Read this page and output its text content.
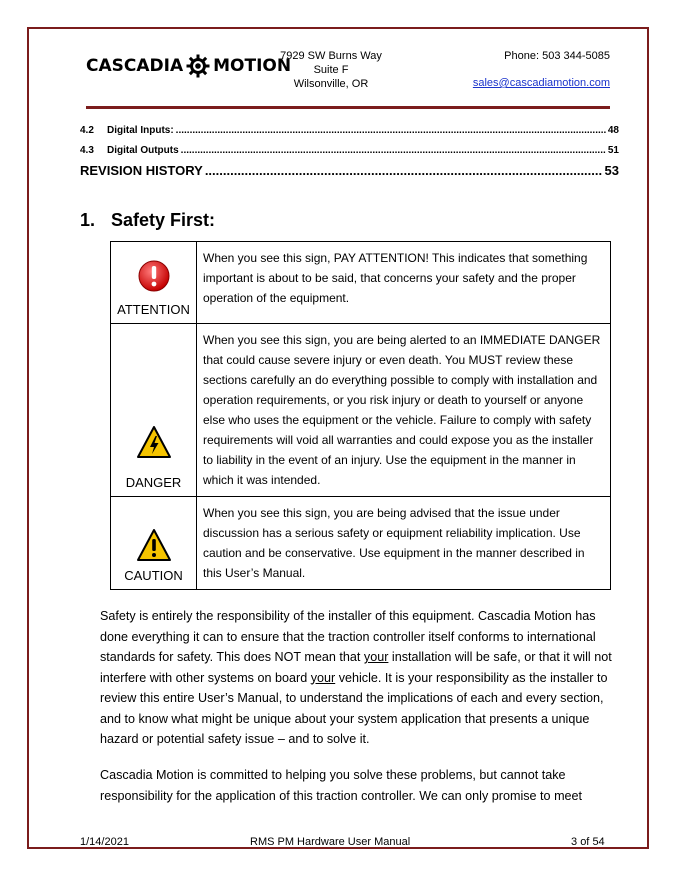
CASCADIA MOTION
7929 SW Burns Way
Suite F
Wilsonville, OR
Phone: 503 344-5085
sales@cascadiamotion.com
4.2	Digital Inputs: .....	48
4.3	Digital Outputs .....	51
REVISION HISTORY .....	53
1. Safety First:
ATTENTION	When you see this sign, PAY ATTENTION! This indicates that something important is about to be said, that concerns your safety and the proper operation of the equipment.

DANGER	When you see this sign, you are being alerted to an IMMEDIATE DANGER that could cause severe injury or even death. You MUST review these sections carefully an do everything possible to comply with installation and operation requirements, or you risk injury or death to yourself or anyone else who uses the equipment or the vehicle. Failure to comply with safety requirements will void all warranties and could expose you as the installer to liability in the event of an injury. Use the equipment in the manner in which it was intended.

CAUTION	When you see this sign, you are being advised that the issue under discussion has a serious safety or equipment reliability implication. Use caution and be conservative. Use equipment in the manner described in this User’s Manual.
Safety is entirely the responsibility of the installer of this equipment. Cascadia Motion has done everything it can to ensure that the traction controller itself conforms to international standards for safety. This does NOT mean that your installation will be safe, or that it will not interfere with other systems on board your vehicle. It is your responsibility as the installer to review this entire User’s Manual, to understand the implications of each and every section, and to know what might be unique about your system application that presents a unique hazard or potential safety issue – and to solve it.
Cascadia Motion is committed to helping you solve these problems, but cannot take responsibility for the application of this traction controller. We can only promise to meet
1/14/2021	RMS PM Hardware User Manual	3 of 54
